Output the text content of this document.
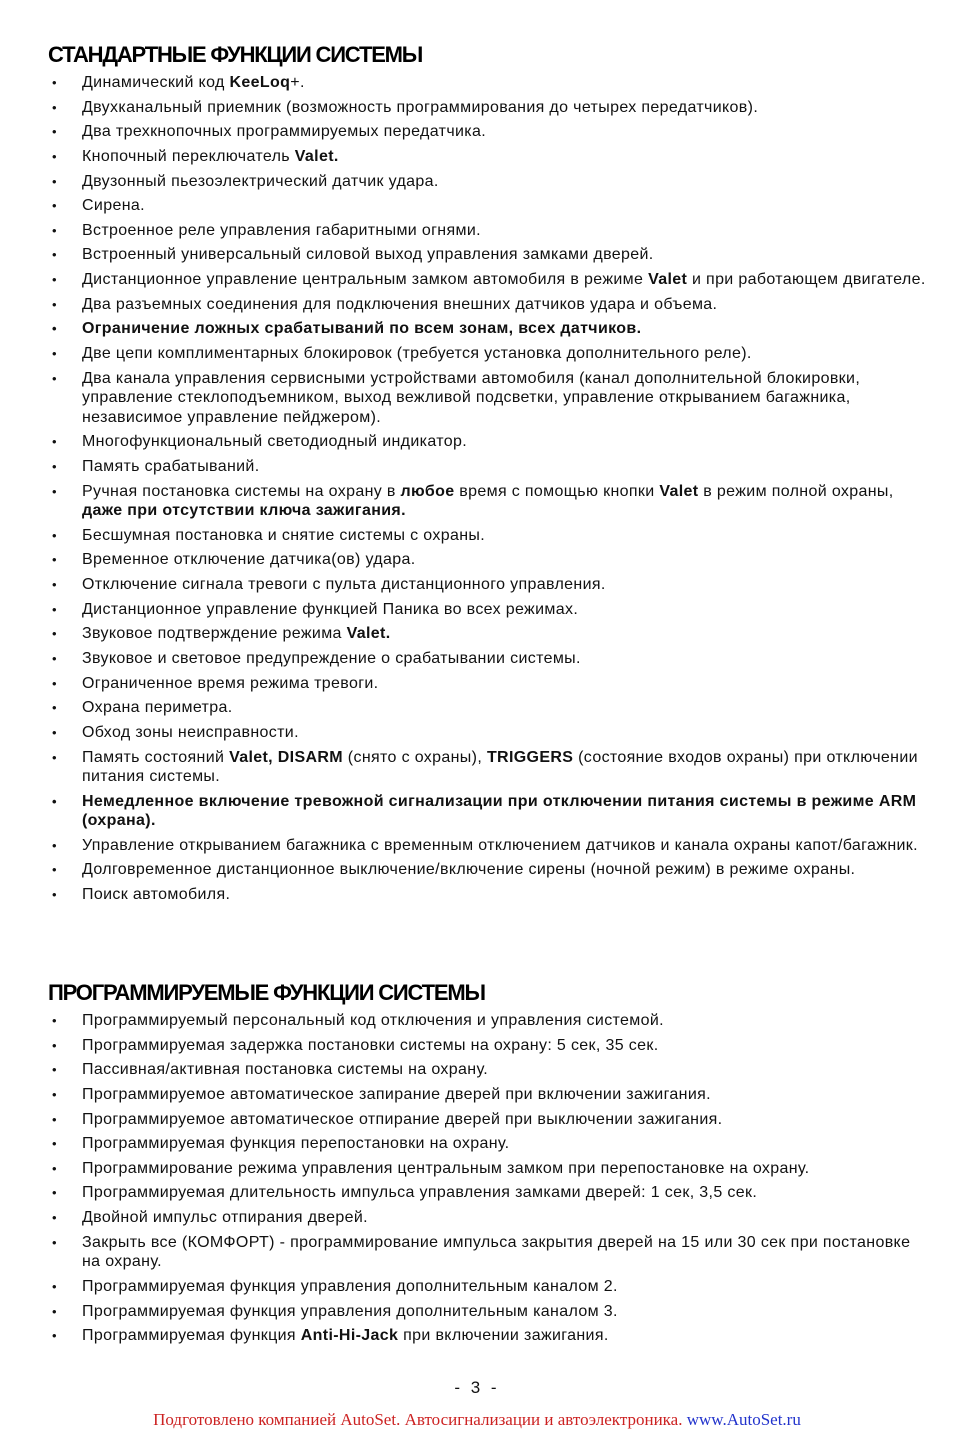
СТАНДАРТНЫЕ ФУНКЦИИ СИСТЕМЫ
• Динамический код KeeLoq+.
• Двухканальный приемник (возможность программирования до четырех передатчиков).
• Два трехкнопочных программируемых передатчика.
• Кнопочный переключатель Valet.
• Двузонный пьезоэлектрический датчик удара.
• Сирена.
• Встроенное реле управления габаритными огнями.
• Встроенный универсальный силовой выход управления замками дверей.
• Дистанционное управление центральным замком автомобиля в режиме Valet и при работающем двигателе.
• Два разъемных соединения для подключения внешних датчиков удара и объема.
• Ограничение ложных срабатываний по всем зонам, всех датчиков.
• Две цепи комплиментарных блокировок (требуется установка дополнительного реле).
• Два канала управления сервисными устройствами автомобиля (канал дополнительной блокировки, управление стеклоподъемником, выход вежливой подсветки, управление открыванием багажника, независимое управление пейджером).
• Многофункциональный светодиодный индикатор.
• Память срабатываний.
• Ручная постановка системы на охрану в любое время с помощью кнопки Valet в режим полной охраны, даже при отсутствии ключа зажигания.
• Бесшумная постановка и снятие системы с охраны.
• Временное отключение датчика(ов) удара.
• Отключение сигнала тревоги с пульта дистанционного управления.
• Дистанционное управление функцией Паника во всех режимах.
• Звуковое подтверждение режима Valet.
• Звуковое и световое предупреждение о срабатывании системы.
• Ограниченное время режима тревоги.
• Охрана периметра.
• Обход зоны неисправности.
• Память состояний Valet, DISARM (снято с охраны), TRIGGERS (состояние входов охраны) при отключении питания системы.
• Немедленное включение тревожной сигнализации при отключении питания системы в режиме ARM (охрана).
• Управление открыванием багажника с временным отключением датчиков и канала охраны капот/багажник.
• Долговременное дистанционное выключение/включение сирены (ночной режим) в режиме охраны.
• Поиск автомобиля.
ПРОГРАММИРУЕМЫЕ ФУНКЦИИ СИСТЕМЫ
• Программируемый персональный код отключения и управления системой.
• Программируемая задержка постановки системы на охрану: 5 сек, 35 сек.
• Пассивная/активная постановка системы на охрану.
• Программируемое автоматическое запирание дверей при включении зажигания.
• Программируемое автоматическое отпирание дверей при выключении зажигания.
• Программируемая функция перепостановки на охрану.
• Программирование режима управления центральным замком при перепостановке на охрану.
• Программируемая длительность импульса управления замками дверей: 1 сек, 3,5 сек.
• Двойной импульс отпирания дверей.
• Закрыть все (КОМФОРТ) - программирование импульса закрытия дверей на 15 или 30 сек при постановке на охрану.
• Программируемая функция управления дополнительным каналом 2.
• Программируемая функция управления дополнительным каналом 3.
• Программируемая функция Anti-Hi-Jack при включении зажигания.
- 3 -
Подготовлено компанией AutoSet. Автосигнализации и автоэлектроника. www.AutoSet.ru
